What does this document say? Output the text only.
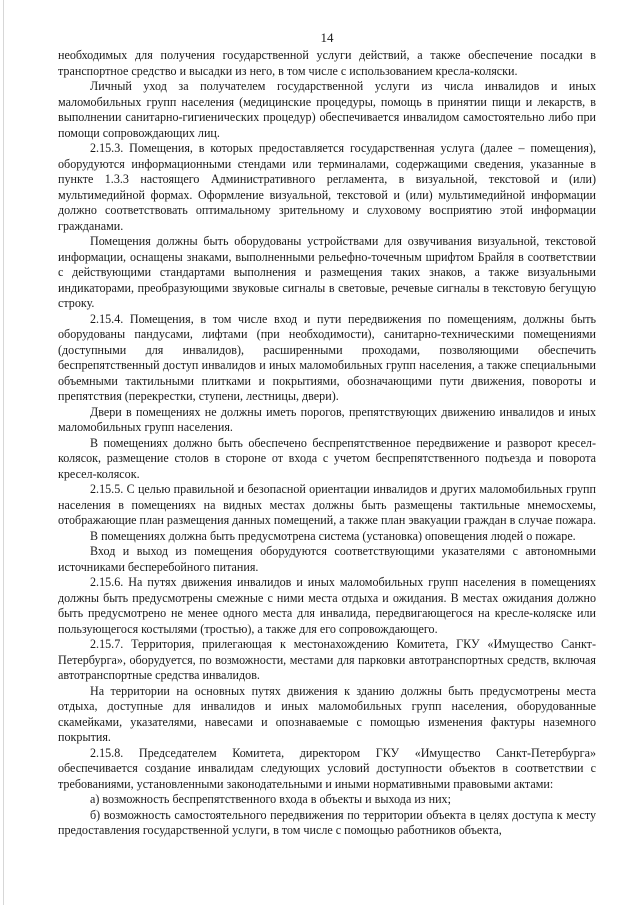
14

необходимых для получения государственной услуги действий, а также обеспечение посадки в транспортное средство и высадки из него, в том числе с использованием кресла-коляски.

Личный уход за получателем государственной услуги из числа инвалидов и иных маломобильных групп населения (медицинские процедуры, помощь в принятии пищи и лекарств, в выполнении санитарно-гигиенических процедур) обеспечивается инвалидом самостоятельно либо при помощи сопровождающих лиц.

2.15.3. Помещения, в которых предоставляется государственная услуга (далее – помещения), оборудуются информационными стендами или терминалами, содержащими сведения, указанные в пункте 1.3.3 настоящего Административного регламента, в визуальной, текстовой и (или) мультимедийной формах. Оформление визуальной, текстовой и (или) мультимедийной информации должно соответствовать оптимальному зрительному и слуховому восприятию этой информации гражданами.

Помещения должны быть оборудованы устройствами для озвучивания визуальной, текстовой информации, оснащены знаками, выполненными рельефно-точечным шрифтом Брайля в соответствии с действующими стандартами выполнения и размещения таких знаков, а также визуальными индикаторами, преобразующими звуковые сигналы в световые, речевые сигналы в текстовую бегущую строку.

2.15.4. Помещения, в том числе вход и пути передвижения по помещениям, должны быть оборудованы пандусами, лифтами (при необходимости), санитарно-техническими помещениями (доступными для инвалидов), расширенными проходами, позволяющими обеспечить беспрепятственный доступ инвалидов и иных маломобильных групп населения, а также специальными объемными тактильными плитками и покрытиями, обозначающими пути движения, повороты и препятствия (перекрестки, ступени, лестницы, двери).

Двери в помещениях не должны иметь порогов, препятствующих движению инвалидов и иных маломобильных групп населения.

В помещениях должно быть обеспечено беспрепятственное передвижение и разворот кресел-колясок, размещение столов в стороне от входа с учетом беспрепятственного подъезда и поворота кресел-колясок.

2.15.5. С целью правильной и безопасной ориентации инвалидов и других маломобильных групп населения в помещениях на видных местах должны быть размещены тактильные мнемосхемы, отображающие план размещения данных помещений, а также план эвакуации граждан в случае пожара.

В помещениях должна быть предусмотрена система (установка) оповещения людей о пожаре.

Вход и выход из помещения оборудуются соответствующими указателями с автономными источниками бесперебойного питания.

2.15.6. На путях движения инвалидов и иных маломобильных групп населения в помещениях должны быть предусмотрены смежные с ними места отдыха и ожидания. В местах ожидания должно быть предусмотрено не менее одного места для инвалида, передвигающегося на кресле-коляске или пользующегося костылями (тростью), а также для его сопровождающего.

2.15.7. Территория, прилегающая к местонахождению Комитета, ГКУ «Имущество Санкт-Петербурга», оборудуется, по возможности, местами для парковки автотранспортных средств, включая автотранспортные средства инвалидов.

На территории на основных путях движения к зданию должны быть предусмотрены места отдыха, доступные для инвалидов и иных маломобильных групп населения, оборудованные скамейками, указателями, навесами и опознаваемые с помощью изменения фактуры наземного покрытия.

2.15.8. Председателем Комитета, директором ГКУ «Имущество Санкт-Петербурга» обеспечивается создание инвалидам следующих условий доступности объектов в соответствии с требованиями, установленными законодательными и иными нормативными правовыми актами:

а) возможность беспрепятственного входа в объекты и выхода из них;

б) возможность самостоятельного передвижения по территории объекта в целях доступа к месту предоставления государственной услуги, в том числе с помощью работников объекта,
